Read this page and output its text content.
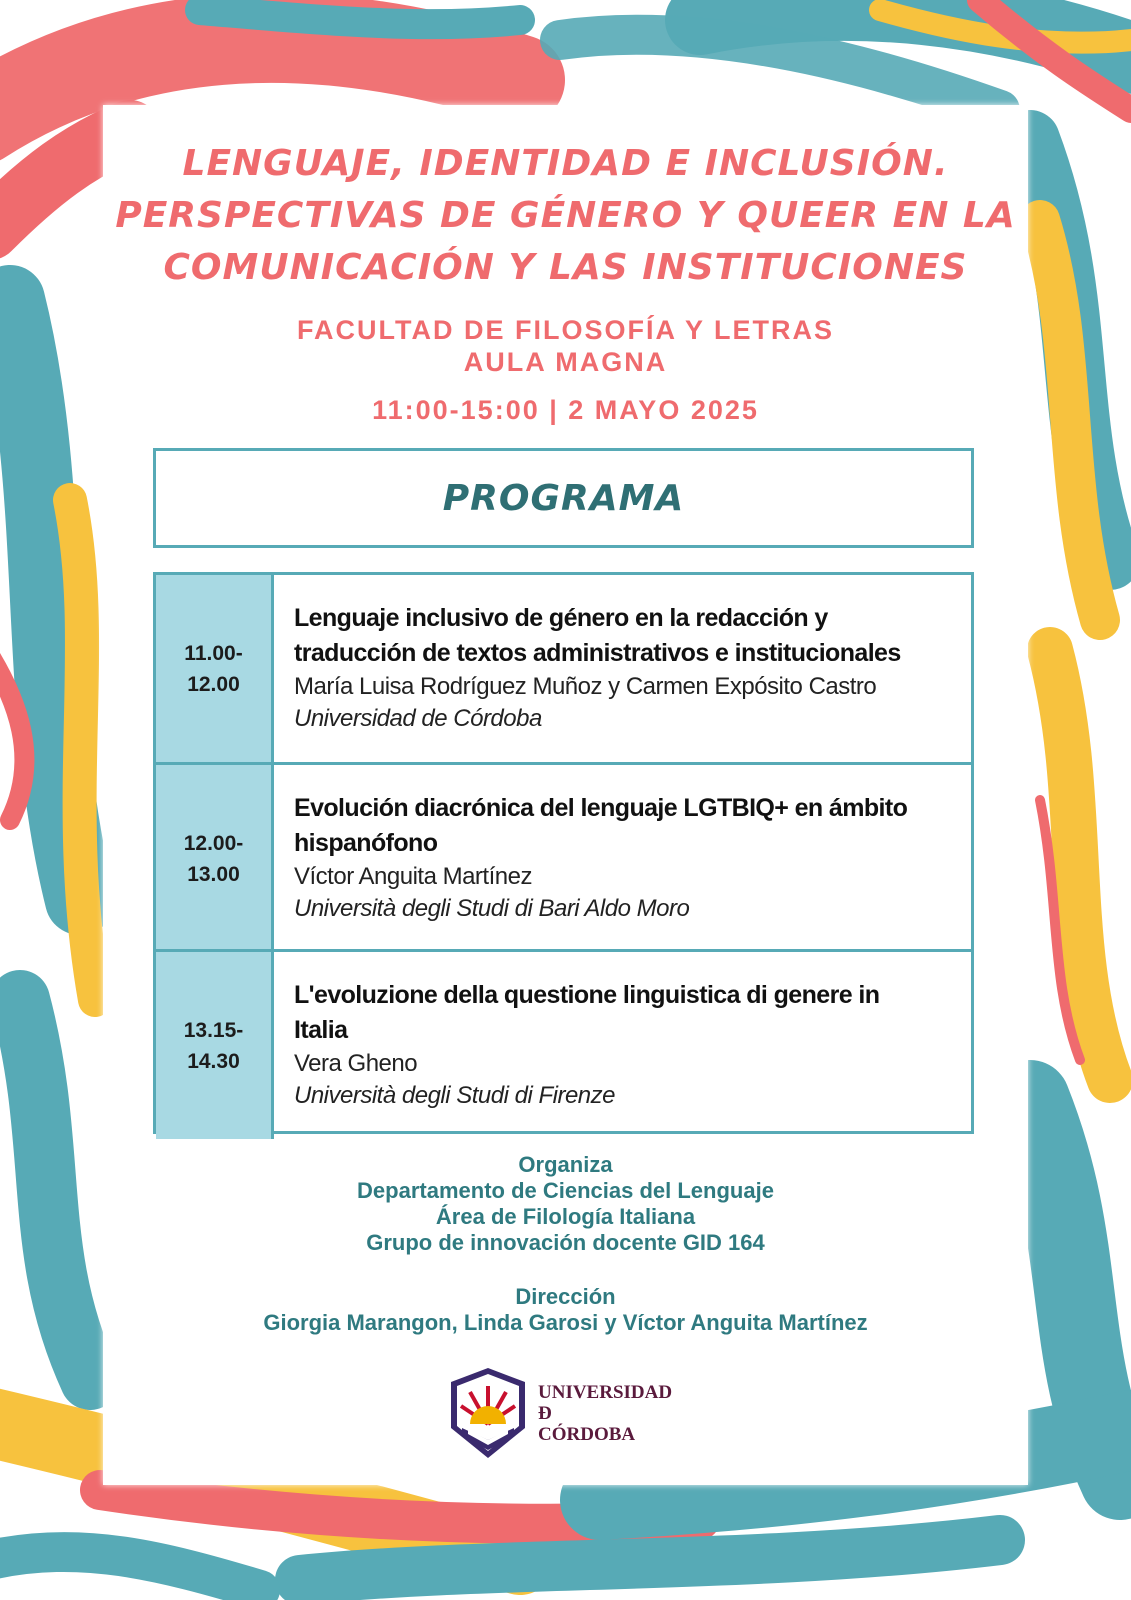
LENGUAJE, IDENTIDAD E INCLUSIÓN.
PERSPECTIVAS DE GÉNERO Y QUEER EN LA
COMUNICACIÓN Y LAS INSTITUCIONES
FACULTAD DE FILOSOFÍA Y LETRAS
AULA MAGNA
11:00-15:00 | 2 MAYO 2025
PROGRAMA
11.00-
12.00
Lenguaje inclusivo de género en la redacción y
traducción de textos administrativos e institucionales
María Luisa Rodríguez Muñoz y Carmen Expósito Castro
Universidad de Córdoba
12.00-
13.00
Evolución diacrónica del lenguaje LGTBIQ+ en ámbito
hispanófono
Víctor Anguita Martínez
Università degli Studi di Bari Aldo Moro
13.15-
14.30
L'evoluzione della questione linguistica di genere in
Italia
Vera Gheno
Università degli Studi di Firenze
Organiza
Departamento de Ciencias del Lenguaje
Área de Filología Italiana
Grupo de innovación docente GID 164
Dirección
Giorgia Marangon, Linda Garosi y Víctor Anguita Martínez
UNIVERSIDAD
Ð
CÓRDOBA
